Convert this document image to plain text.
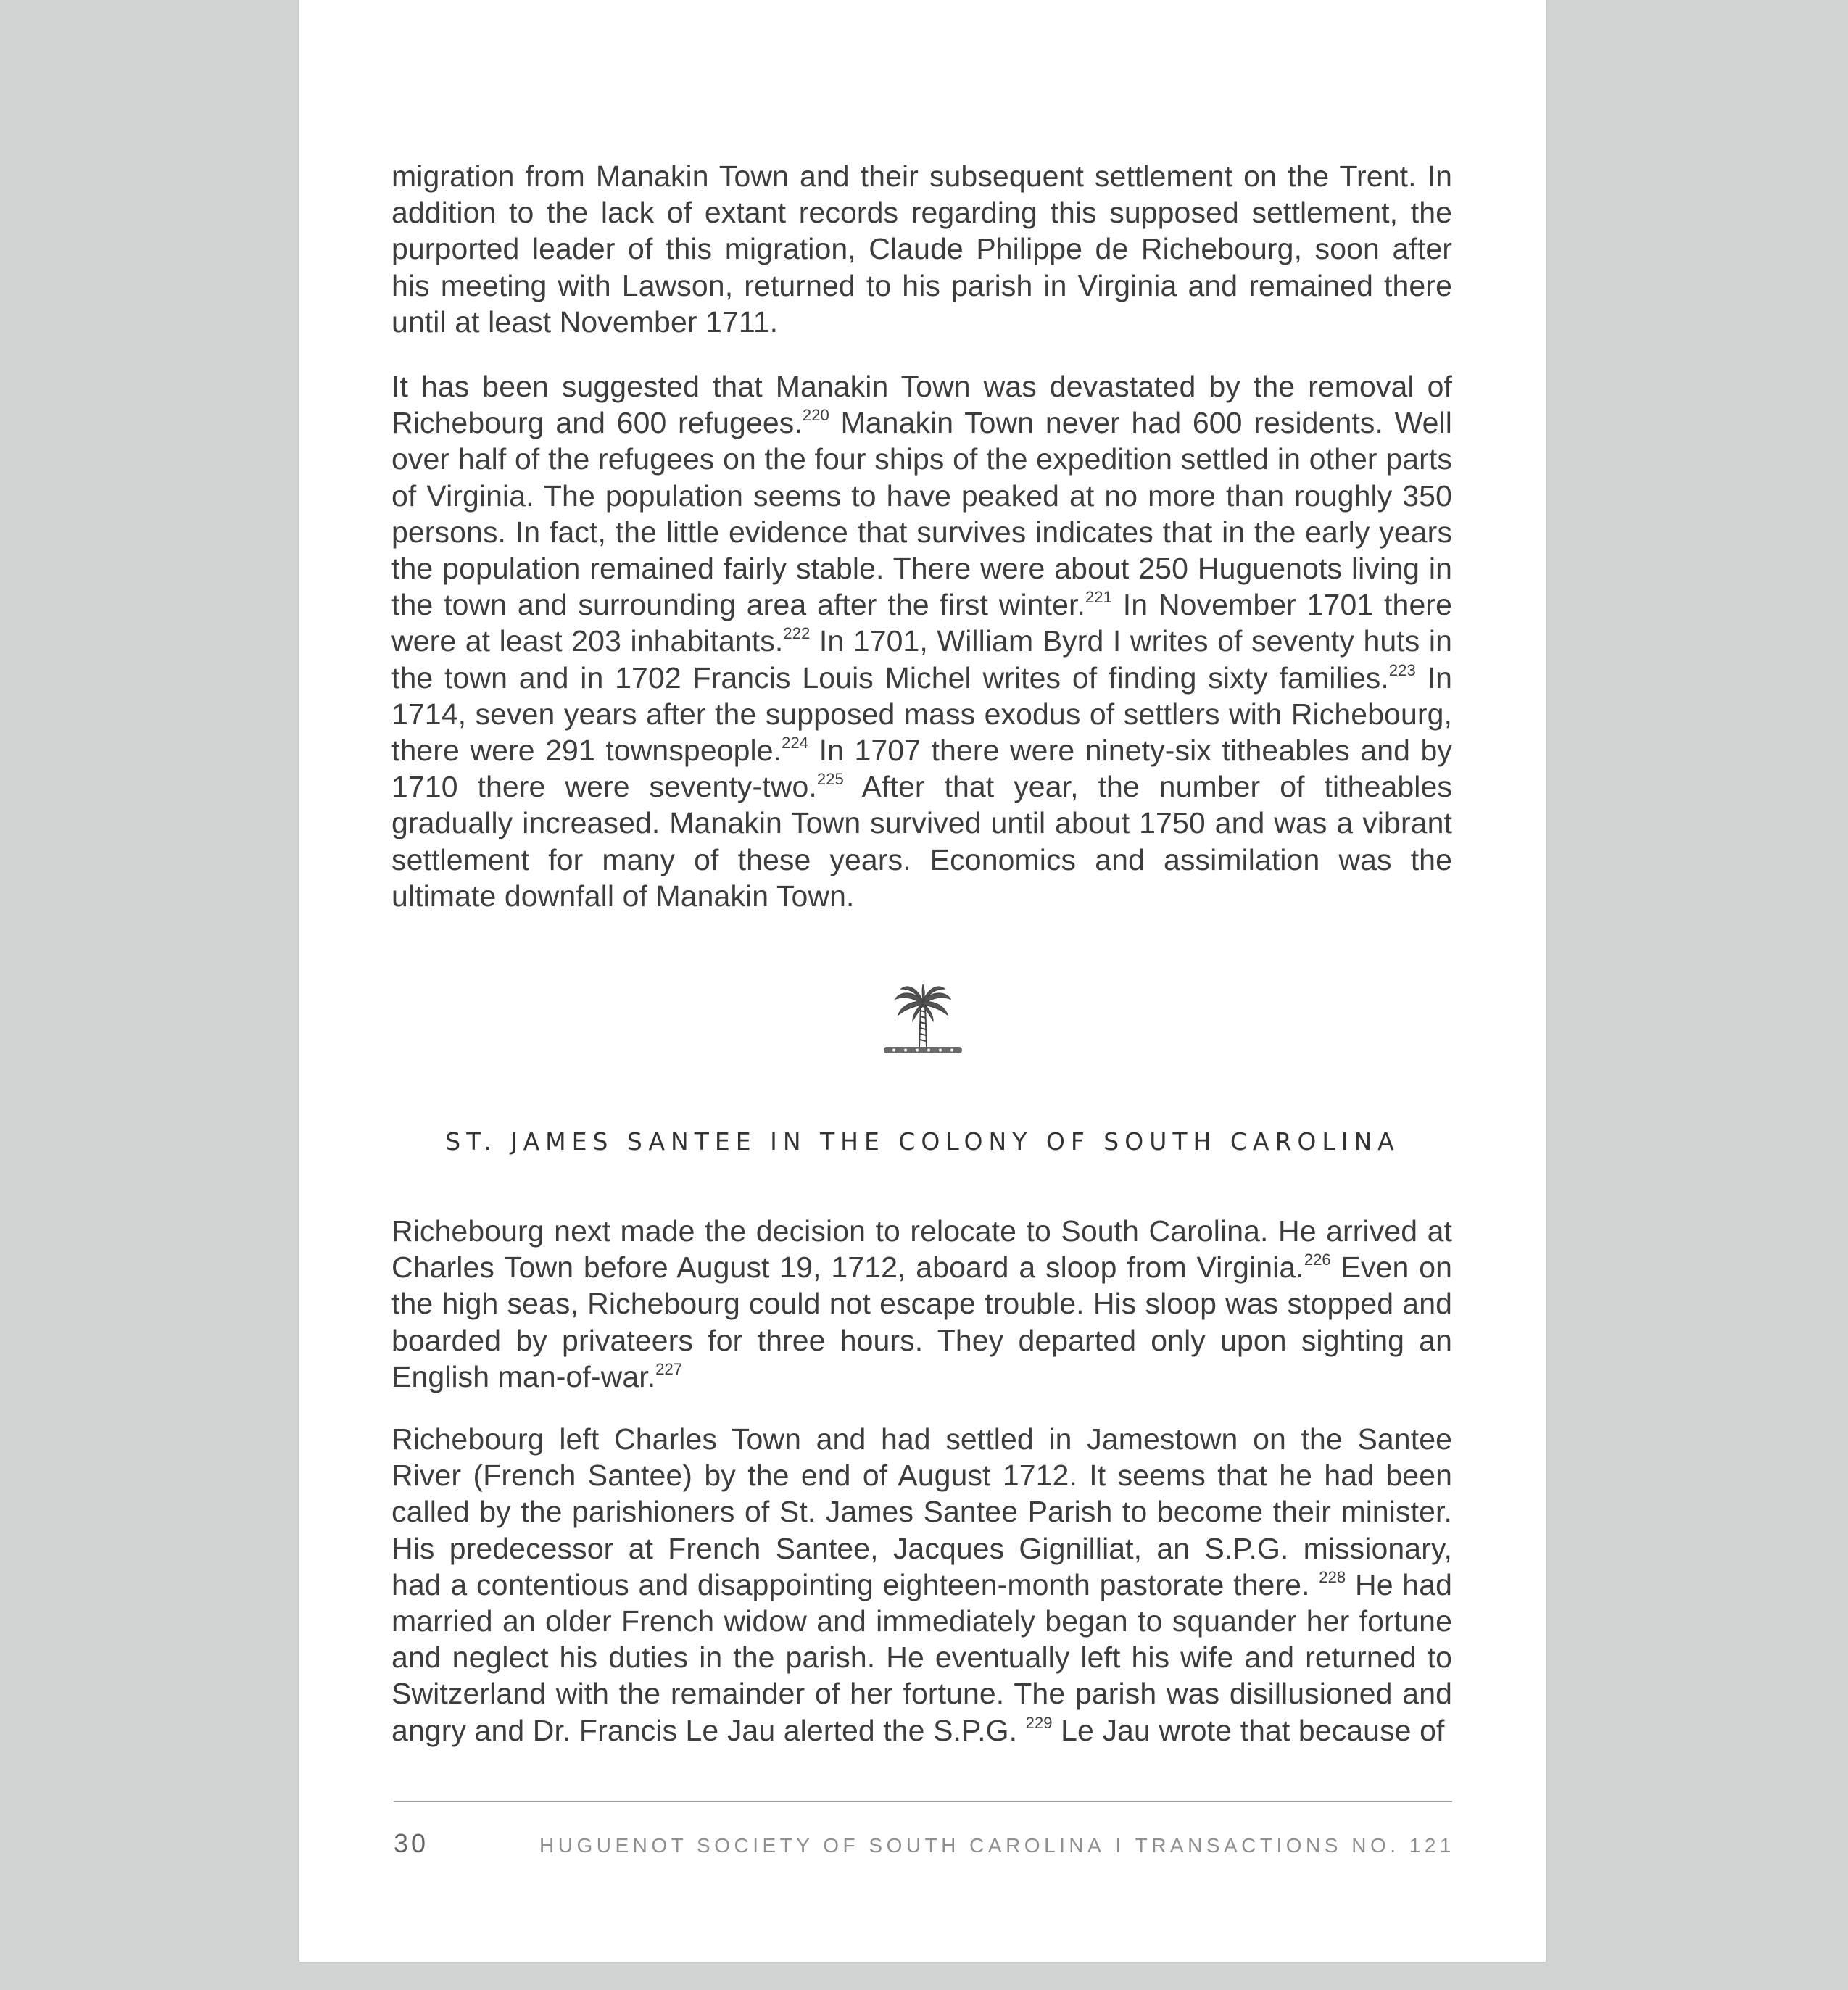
migration from Manakin Town and their subsequent settlement on the Trent. In addition to the lack of extant records regarding this supposed settlement, the purported leader of this migration, Claude Philippe de Richebourg, soon after his meeting with Lawson, returned to his parish in Virginia and remained there until at least November 1711.

It has been suggested that Manakin Town was devastated by the removal of Richebourg and 600 refugees.$^{220}$ Manakin Town never had 600 residents. Well over half of the refugees on the four ships of the expedition settled in other parts of Virginia. The population seems to have peaked at no more than roughly 350 persons. In fact, the little evidence that survives indicates that in the early years the population remained fairly stable. There were about 250 Huguenots living in the town and surrounding area after the first winter.$^{221}$ In November 1701 there were at least 203 inhabitants.$^{222}$ In 1701, William Byrd I writes of seventy huts in the town and in 1702 Francis Louis Michel writes of finding sixty families.$^{223}$ In 1714, seven years after the supposed mass exodus of settlers with Richebourg, there were 291 townspeople.$^{224}$ In 1707 there were ninety-six titheables and by 1710 there were seventy-two.$^{225}$ After that year, the number of titheables gradually increased. Manakin Town survived until about 1750 and was a vibrant settlement for many of these years. Economics and assimilation was the ultimate downfall of Manakin Town.

ST. JAMES SANTEE IN THE COLONY OF SOUTH CAROLINA

Richebourg next made the decision to relocate to South Carolina. He arrived at Charles Town before August 19, 1712, aboard a sloop from Virginia.$^{226}$ Even on the high seas, Richebourg could not escape trouble. His sloop was stopped and boarded by privateers for three hours. They departed only upon sighting an English man-of-war.$^{227}$

Richebourg left Charles Town and had settled in Jamestown on the Santee River (French Santee) by the end of August 1712. It seems that he had been called by the parishioners of St. James Santee Parish to become their minister. His predecessor at French Santee, Jacques Gignilliat, an S.P.G. missionary, had a contentious and disappointing eighteen-month pastorate there. $^{228}$ He had married an older French widow and immediately began to squander her fortune and neglect his duties in the parish. He eventually left his wife and returned to Switzerland with the remainder of her fortune. The parish was disillusioned and angry and Dr. Francis Le Jau alerted the S.P.G. $^{229}$ Le Jau wrote that because of

30	HUGUENOT SOCIETY OF SOUTH CAROLINA I TRANSACTIONS NO. 121
